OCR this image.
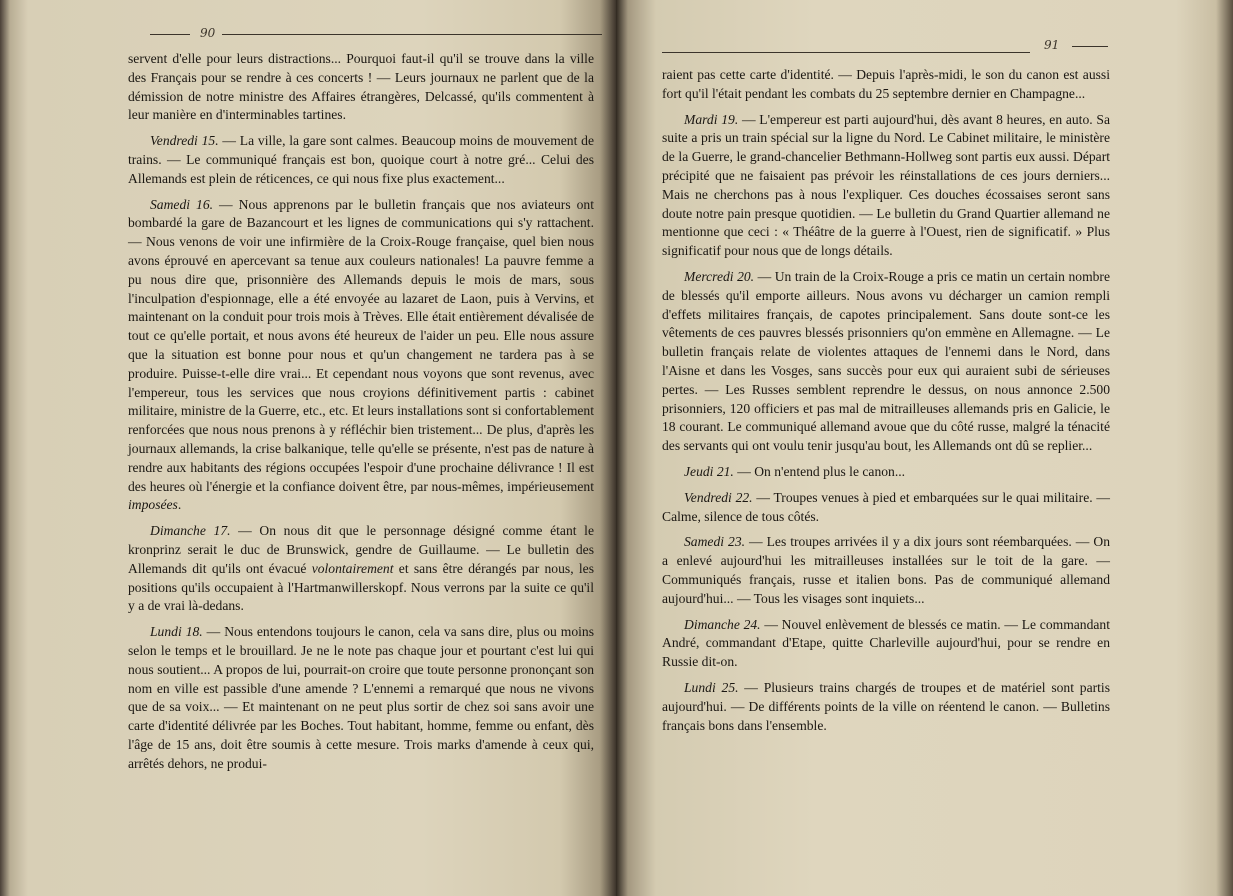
90

servent d'elle pour leurs distractions... Pourquoi faut-il qu'il se trouve dans la ville des Français pour se rendre à ces concerts ! — Leurs journaux ne parlent que de la démission de notre ministre des Affaires étrangères, Delcassé, qu'ils commentent à leur manière en d'interminables tartines.

Vendredi 15. — La ville, la gare sont calmes. Beaucoup moins de mouvement de trains. — Le communiqué français est bon, quoique court à notre gré... Celui des Allemands est plein de réticences, ce qui nous fixe plus exactement...

Samedi 16. — Nous apprenons par le bulletin français que nos aviateurs ont bombardé la gare de Bazancourt et les lignes de communications qui s'y rattachent. — Nous venons de voir une infirmière de la Croix-Rouge française, quel bien nous avons éprouvé en apercevant sa tenue aux couleurs nationales! La pauvre femme a pu nous dire que, prisonnière des Allemands depuis le mois de mars, sous l'inculpation d'espionnage, elle a été envoyée au lazaret de Laon, puis à Vervins, et maintenant on la conduit pour trois mois à Trèves. Elle était entièrement dévalisée de tout ce qu'elle portait, et nous avons été heureux de l'aider un peu. Elle nous assure que la situation est bonne pour nous et qu'un changement ne tardera pas à se produire. Puisse-t-elle dire vrai... Et cependant nous voyons que sont revenus, avec l'empereur, tous les services que nous croyions définitivement partis : cabinet militaire, ministre de la Guerre, etc., etc. Et leurs installations sont si confortablement renforcées que nous nous prenons à y réfléchir bien tristement... De plus, d'après les journaux allemands, la crise balkanique, telle qu'elle se présente, n'est pas de nature à rendre aux habitants des régions occupées l'espoir d'une prochaine délivrance ! Il est des heures où l'énergie et la confiance doivent être, par nous-mêmes, impérieusement imposées.

Dimanche 17. — On nous dit que le personnage désigné comme étant le kronprinz serait le duc de Brunswick, gendre de Guillaume. — Le bulletin des Allemands dit qu'ils ont évacué volontairement et sans être dérangés par nous, les positions qu'ils occupaient à l'Hartmanwillerskopf. Nous verrons par la suite ce qu'il y a de vrai là-dedans.

Lundi 18. — Nous entendons toujours le canon, cela va sans dire, plus ou moins selon le temps et le brouillard. Je ne le note pas chaque jour et pourtant c'est lui qui nous soutient... A propos de lui, pourrait-on croire que toute personne prononçant son nom en ville est passible d'une amende ? L'ennemi a remarqué que nous ne vivons que de sa voix... — Et maintenant on ne peut plus sortir de chez soi sans avoir une carte d'identité délivrée par les Boches. Tout habitant, homme, femme ou enfant, dès l'âge de 15 ans, doit être soumis à cette mesure. Trois marks d'amende à ceux qui, arrêtés dehors, ne produi-

91

raient pas cette carte d'identité. — Depuis l'après-midi, le son du canon est aussi fort qu'il l'était pendant les combats du 25 septembre dernier en Champagne...

Mardi 19. — L'empereur est parti aujourd'hui, dès avant 8 heures, en auto. Sa suite a pris un train spécial sur la ligne du Nord. Le Cabinet militaire, le ministère de la Guerre, le grand-chancelier Bethmann-Hollweg sont partis eux aussi. Départ précipité que ne faisaient pas prévoir les réinstallations de ces jours derniers... Mais ne cherchons pas à nous l'expliquer. Ces douches écossaises seront sans doute notre pain presque quotidien. — Le bulletin du Grand Quartier allemand ne mentionne que ceci : « Théâtre de la guerre à l'Ouest, rien de significatif. » Plus significatif pour nous que de longs détails.

Mercredi 20. — Un train de la Croix-Rouge a pris ce matin un certain nombre de blessés qu'il emporte ailleurs. Nous avons vu décharger un camion rempli d'effets militaires français, de capotes principalement. Sans doute sont-ce les vêtements de ces pauvres blessés prisonniers qu'on emmène en Allemagne. — Le bulletin français relate de violentes attaques de l'ennemi dans le Nord, dans l'Aisne et dans les Vosges, sans succès pour eux qui auraient subi de sérieuses pertes. — Les Russes semblent reprendre le dessus, on nous annonce 2.500 prisonniers, 120 officiers et pas mal de mitrailleuses allemands pris en Galicie, le 18 courant. Le communiqué allemand avoue que du côté russe, malgré la ténacité des servants qui ont voulu tenir jusqu'au bout, les Allemands ont dû se replier...

Jeudi 21. — On n'entend plus le canon...

Vendredi 22. — Troupes venues à pied et embarquées sur le quai militaire. — Calme, silence de tous côtés.

Samedi 23. — Les troupes arrivées il y a dix jours sont réembarquées. — On a enlevé aujourd'hui les mitrailleuses installées sur le toit de la gare. — Communiqués français, russe et italien bons. Pas de communiqué allemand aujourd'hui... — Tous les visages sont inquiets...

Dimanche 24. — Nouvel enlèvement de blessés ce matin. — Le commandant André, commandant d'Etape, quitte Charleville aujourd'hui, pour se rendre en Russie dit-on.

Lundi 25. — Plusieurs trains chargés de troupes et de matériel sont partis aujourd'hui. — De différents points de la ville on réentend le canon. — Bulletins français bons dans l'ensemble.
